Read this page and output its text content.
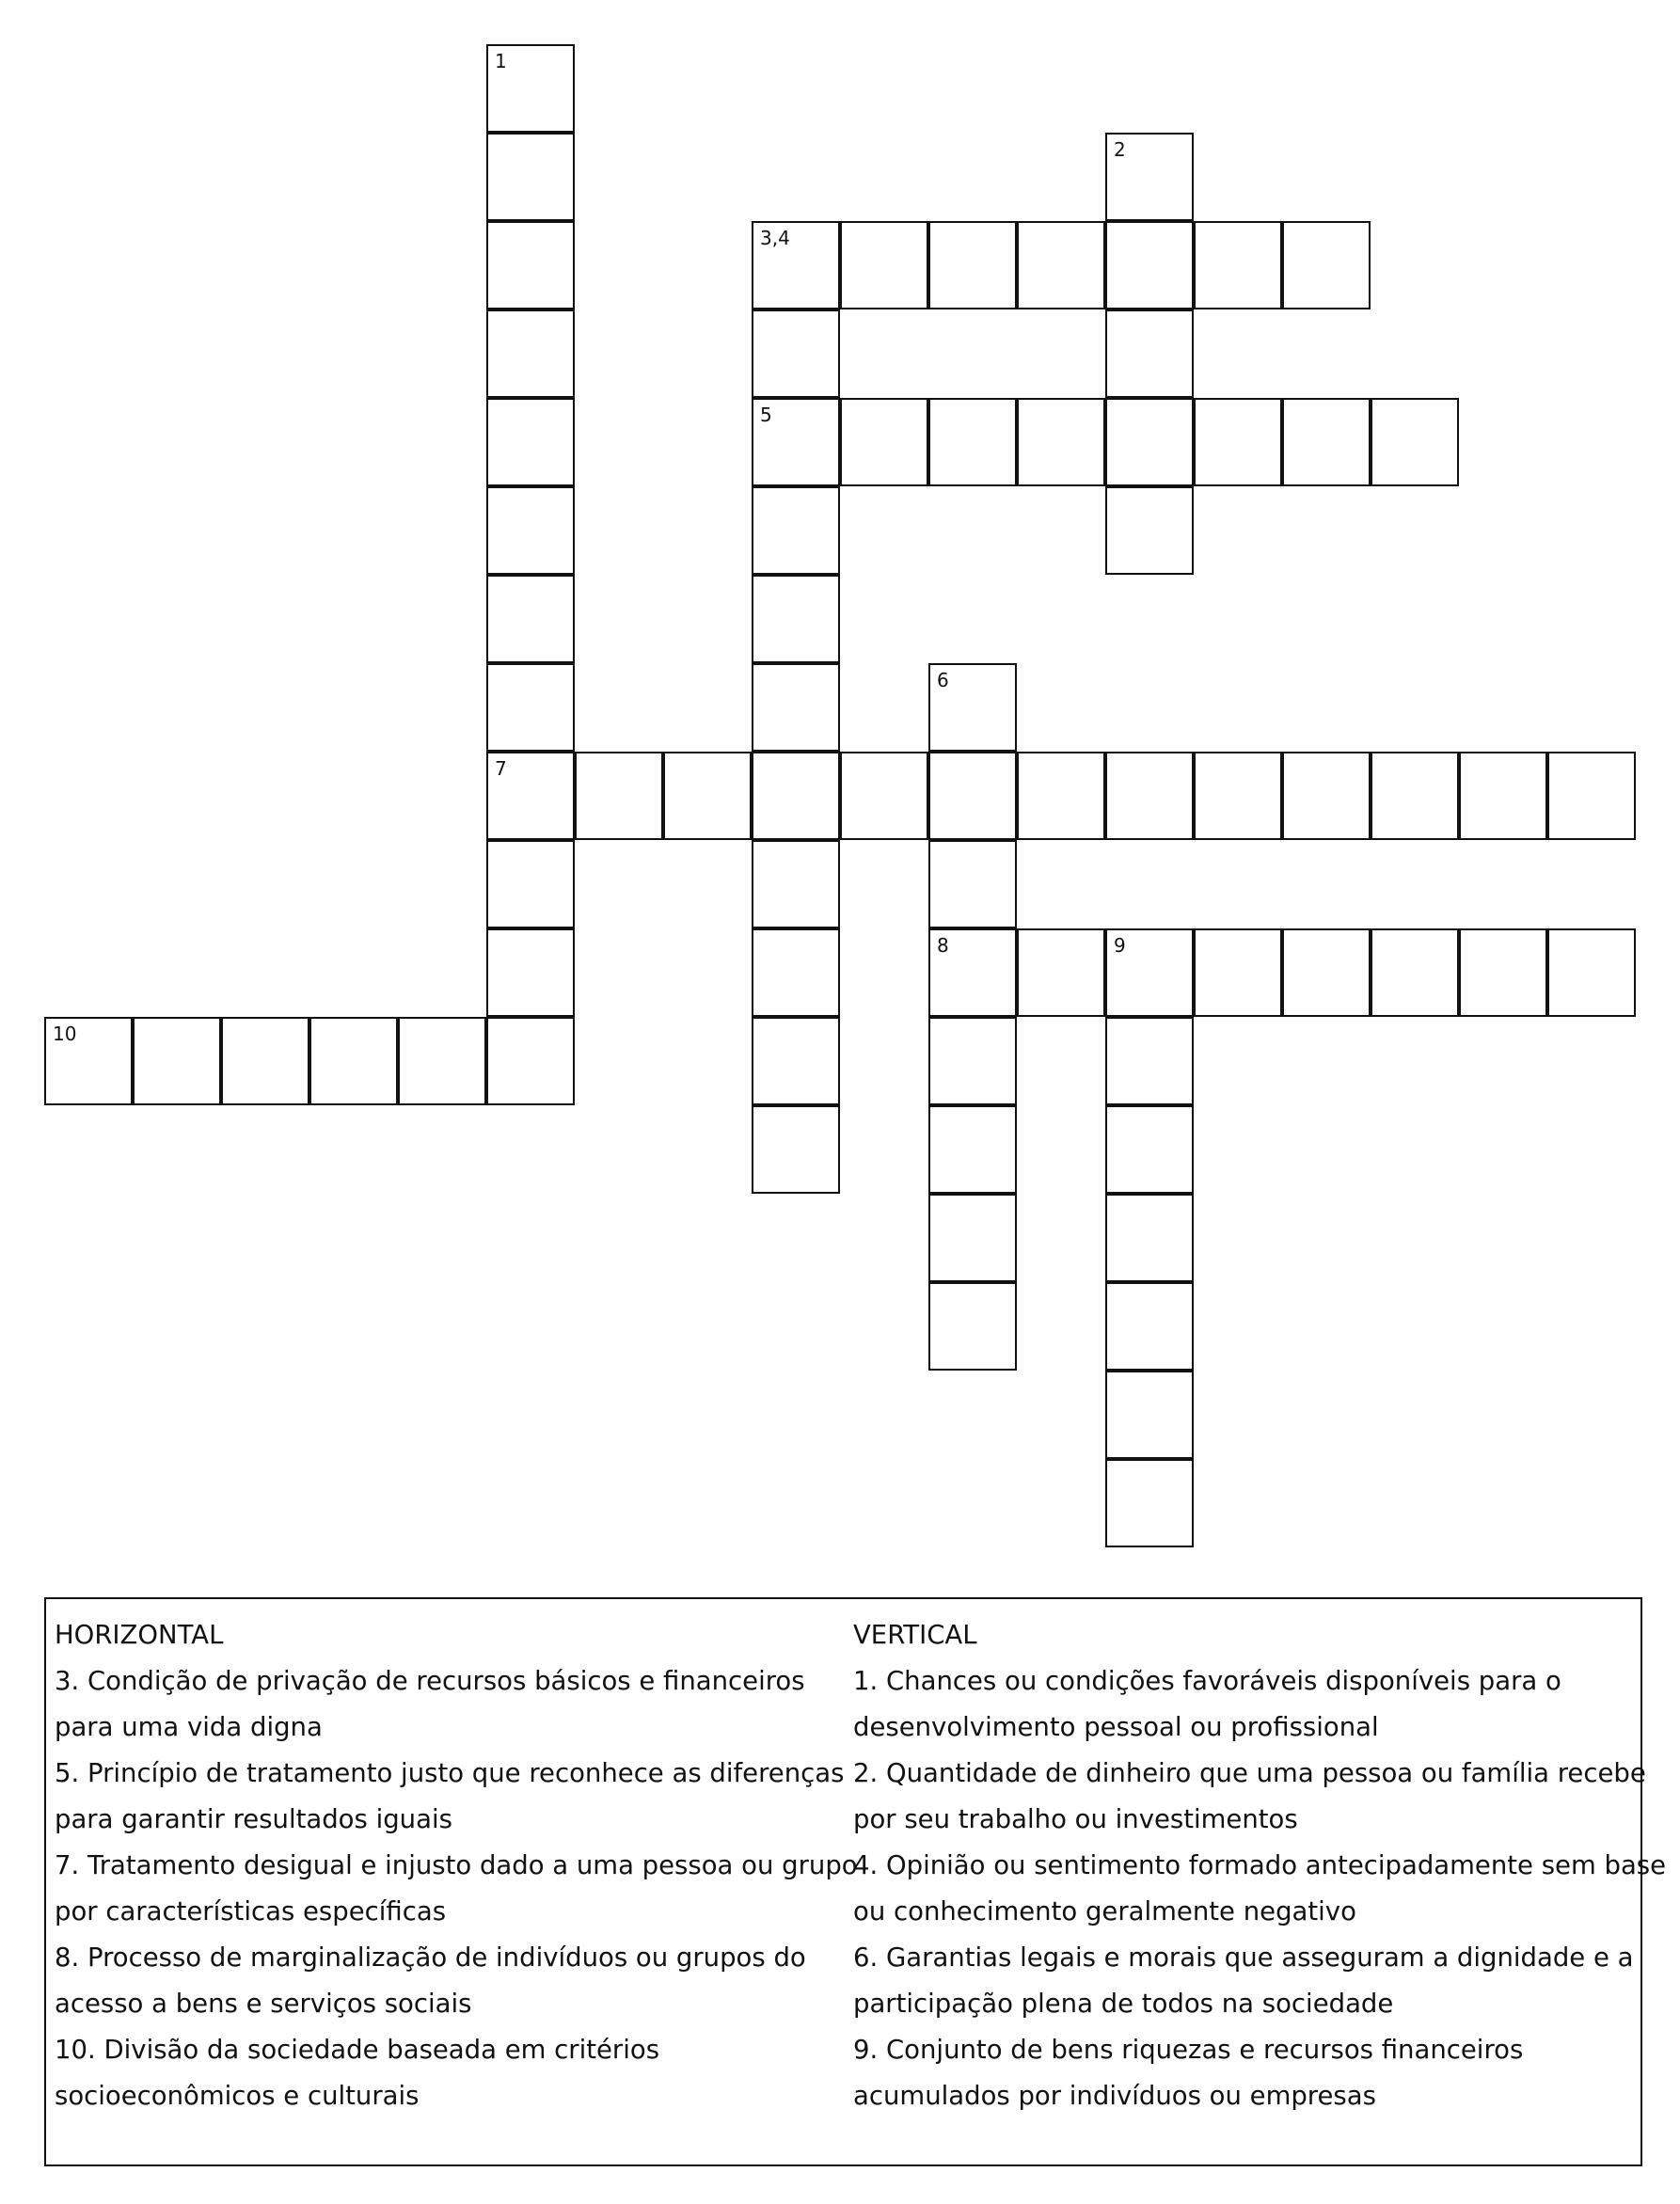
1
7
2
3,4
5
6
8	9
10
HORIZONTAL
3. Condição de privação de recursos básicos e financeiros
para uma vida digna
5. Princípio de tratamento justo que reconhece as diferenças
para garantir resultados iguais
7. Tratamento desigual e injusto dado a uma pessoa ou grupo
por características específicas
8. Processo de marginalização de indivíduos ou grupos do
acesso a bens e serviços sociais
10. Divisão da sociedade baseada em critérios
socioeconômicos e culturais
VERTICAL
1. Chances ou condições favoráveis disponíveis para o
desenvolvimento pessoal ou profissional
2. Quantidade de dinheiro que uma pessoa ou família recebe
por seu trabalho ou investimentos
4. Opinião ou sentimento formado antecipadamente sem base
ou conhecimento geralmente negativo
6. Garantias legais e morais que asseguram a dignidade e a
participação plena de todos na sociedade
9. Conjunto de bens riquezas e recursos financeiros
acumulados por indivíduos ou empresas
